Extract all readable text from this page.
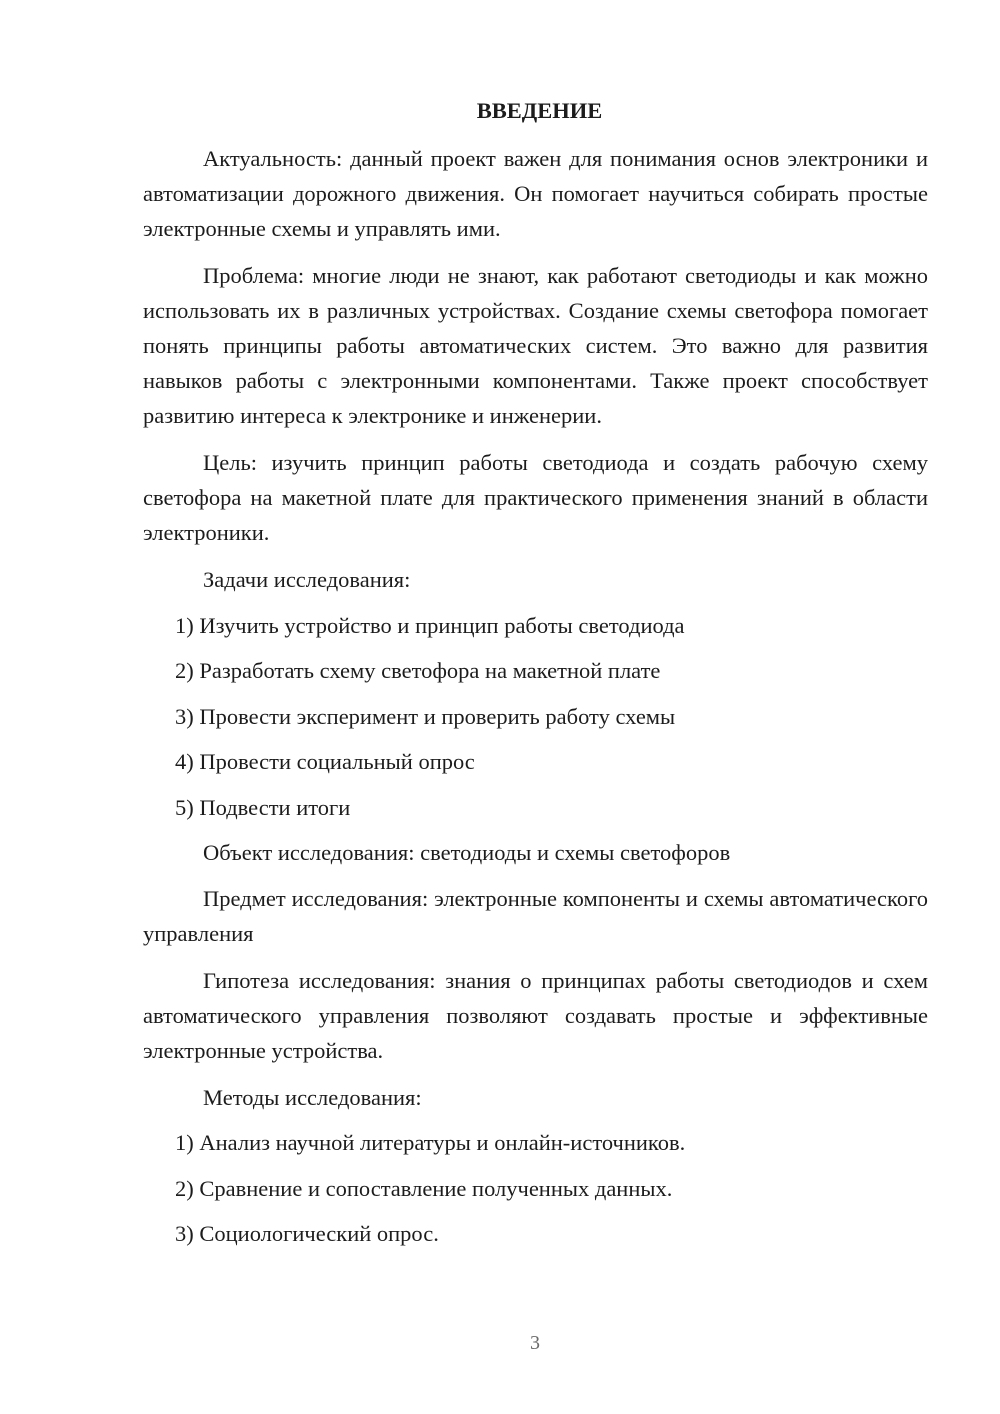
ВВЕДЕНИЕ

Актуальность: данный проект важен для понимания основ электроники и автоматизации дорожного движения. Он помогает научиться собирать простые электронные схемы и управлять ими.

Проблема: многие люди не знают, как работают светодиоды и как можно использовать их в различных устройствах. Создание схемы светофора помогает понять принципы работы автоматических систем. Это важно для развития навыков работы с электронными компонентами. Также проект способствует развитию интереса к электронике и инженерии.

Цель: изучить принцип работы светодиода и создать рабочую схему светофора на макетной плате для практического применения знаний в области электроники.

Задачи исследования:
1) Изучить устройство и принцип работы светодиода
2) Разработать схему светофора на макетной плате
3) Провести эксперимент и проверить работу схемы
4) Провести социальный опрос
5) Подвести итоги
Объект исследования: светодиоды и схемы светофоров

Предмет исследования: электронные компоненты и схемы автоматического управления

Гипотеза исследования: знания о принципах работы светодиодов и схем автоматического управления позволяют создавать простые и эффективные электронные устройства.

Методы исследования:
1) Анализ научной литературы и онлайн-источников.
2) Сравнение и сопоставление полученных данных.
3) Социологический опрос.
3
